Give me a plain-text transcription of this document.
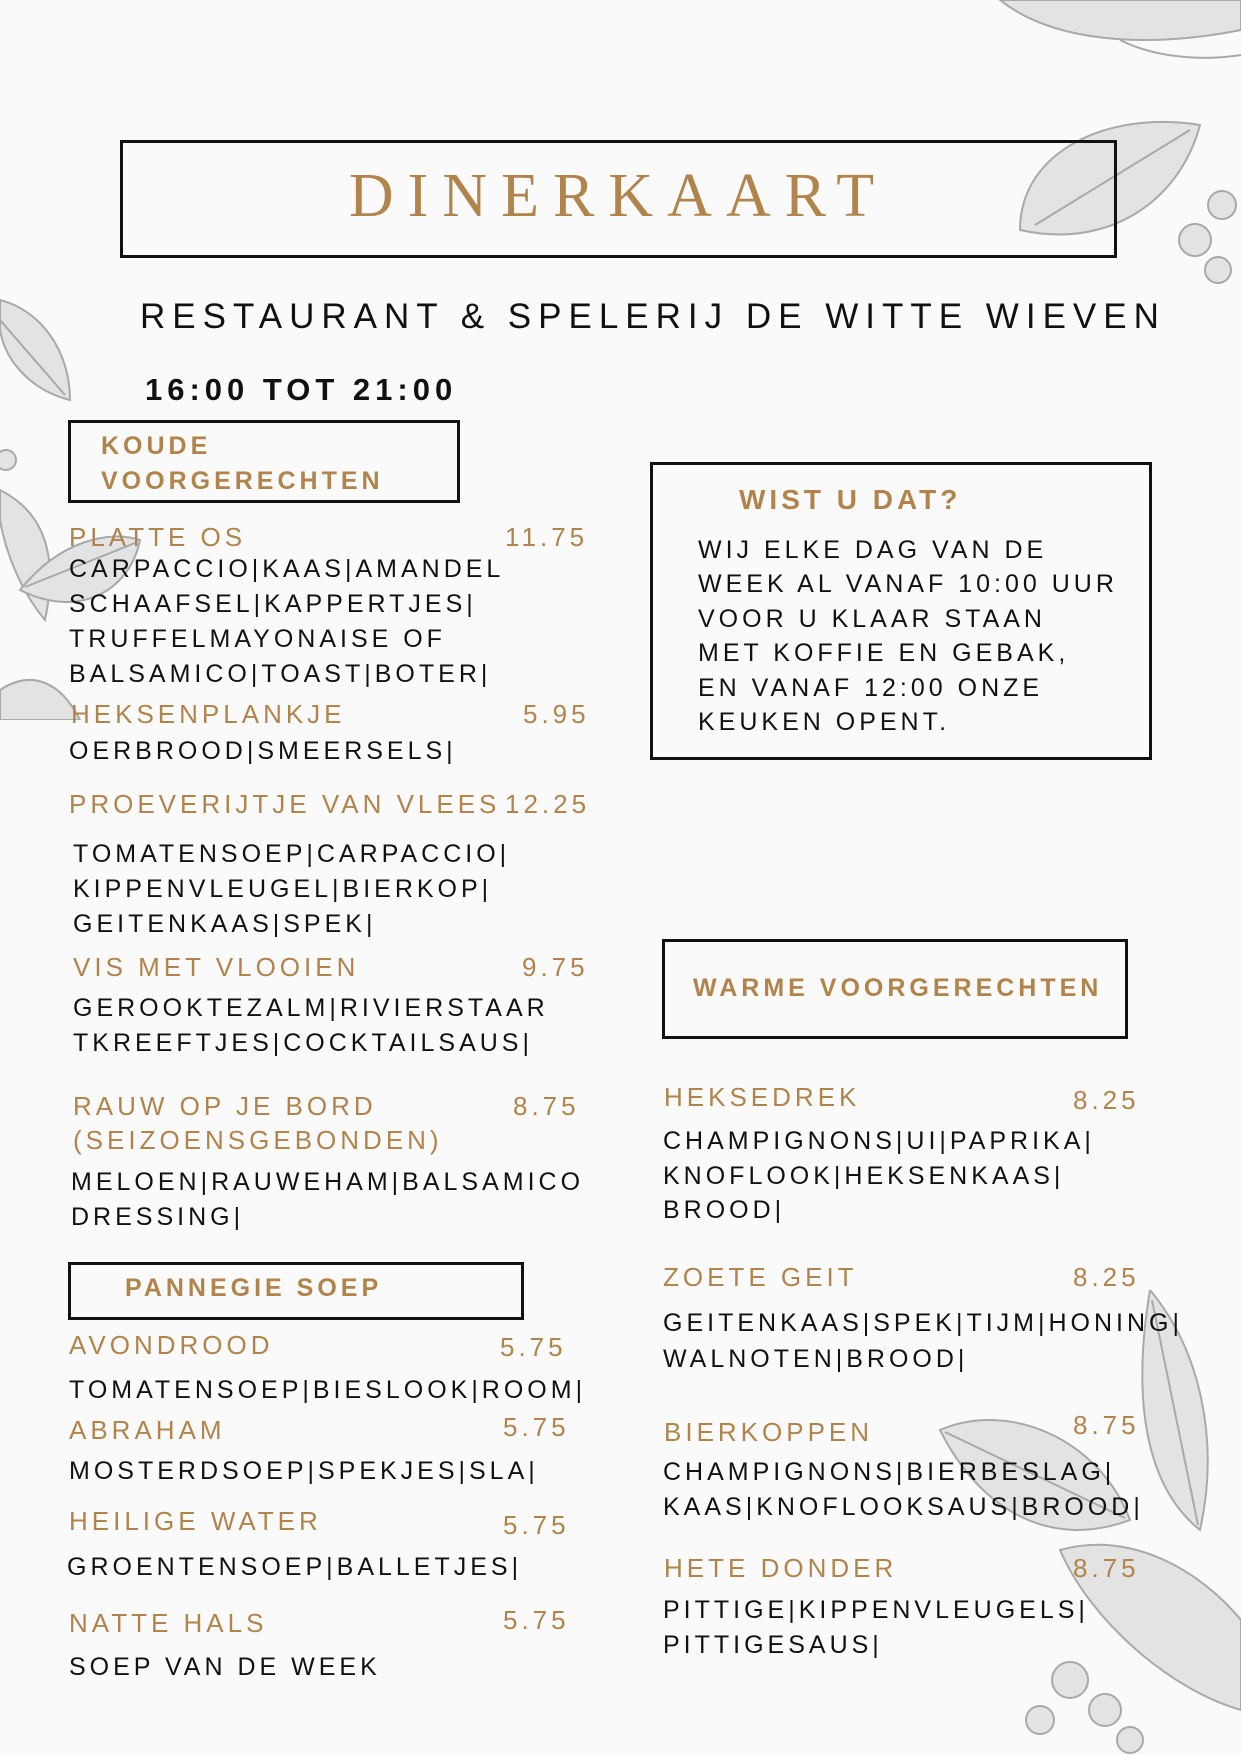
DINERKAART
RESTAURANT & SPELERIJ DE WITTE WIEVEN
16:00 TOT 21:00
KOUDE
VOORGERECHTEN
PLATTE OS	11.75
CARPACCIO|KAAS|AMANDEL
SCHAAFSEL|KAPPERTJES|
TRUFFELMAYONAISE OF
BALSAMICO|TOAST|BOTER|
HEKSENPLANKJE	5.95
OERBROOD|SMEERSELS|
PROEVERIJTJE VAN VLEES 12.25
TOMATENSOEP|CARPACCIO|
KIPPENVLEUGEL|BIERKOP|
GEITENKAAS|SPEK|
VIS MET VLOOIEN	9.75
GEROOKTEZALM|RIVIERSTAAR
TKREEFTJES|COCKTAILSAUS|
RAUW OP JE BORD	8.75
(SEIZOENSGEBONDEN)
MELOEN|RAUWEHAM|BALSAMICO
DRESSING|
PANNEGIE SOEP
AVONDROOD	5.75
TOMATENSOEP|BIESLOOK|ROOM|
ABRAHAM	5.75
MOSTERDSOEP|SPEKJES|SLA|
HEILIGE WATER	5.75
GROENTENSOEP|BALLETJES|
NATTE HALS	5.75
SOEP VAN DE WEEK
WIST U DAT?
WIJ ELKE DAG VAN DE
WEEK AL VANAF 10:00 UUR
VOOR U KLAAR STAAN
MET KOFFIE EN GEBAK,
EN VANAF 12:00 ONZE
KEUKEN OPENT.
WARME VOORGERECHTEN
HEKSEDREK	8.25
CHAMPIGNONS|UI|PAPRIKA|
KNOFLOOK|HEKSENKAAS|
BROOD|
ZOETE GEIT	8.25
GEITENKAAS|SPEK|TIJM|HONING|
WALNOTEN|BROOD|
BIERKOPPEN	8.75
CHAMPIGNONS|BIERBESLAG|
KAAS|KNOFLOOKSAUS|BROOD|
HETE DONDER	8.75
PITTIGE|KIPPENVLEUGELS|
PITTIGESAUS|
